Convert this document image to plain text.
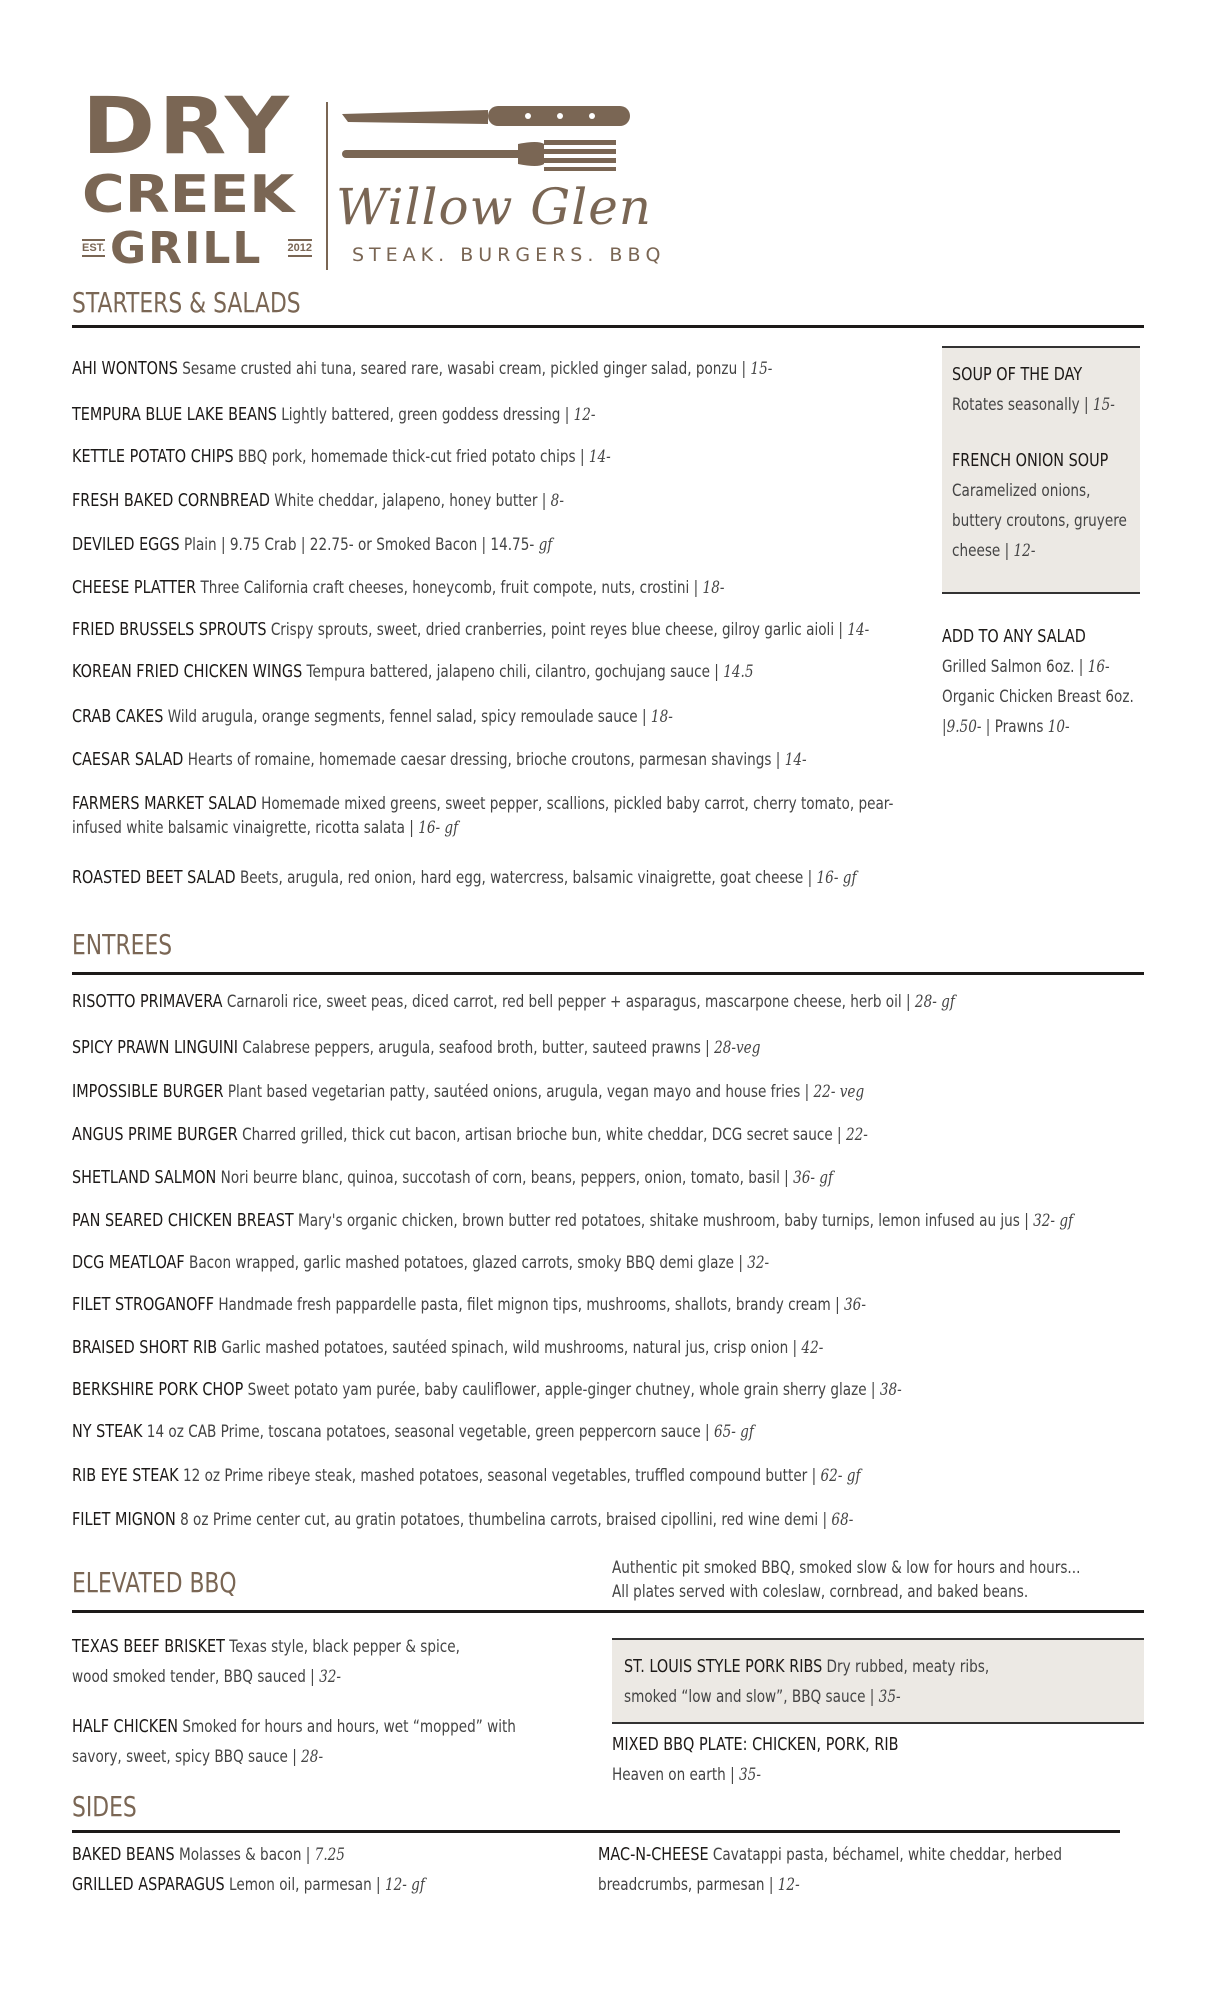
DRY
CREEK
EST. GRILL 2012
Willow Glen
STEAK. BURGERS. BBQ
STARTERS & SALADS
AHI WONTONS Sesame crusted ahi tuna, seared rare, wasabi cream, pickled ginger salad, ponzu | 15-
TEMPURA BLUE LAKE BEANS Lightly battered, green goddess dressing | 12-
KETTLE POTATO CHIPS BBQ pork, homemade thick-cut fried potato chips | 14-
FRESH BAKED CORNBREAD White cheddar, jalapeno, honey butter | 8-
DEVILED EGGS Plain | 9.75 Crab | 22.75- or Smoked Bacon | 14.75- gf
CHEESE PLATTER Three California craft cheeses, honeycomb, fruit compote, nuts, crostini | 18-
FRIED BRUSSELS SPROUTS Crispy sprouts, sweet, dried cranberries, point reyes blue cheese, gilroy garlic aioli | 14-
KOREAN FRIED CHICKEN WINGS Tempura battered, jalapeno chili, cilantro, gochujang sauce | 14.5
CRAB CAKES Wild arugula, orange segments, fennel salad, spicy remoulade sauce | 18-
CAESAR SALAD Hearts of romaine, homemade caesar dressing, brioche croutons, parmesan shavings | 14-
FARMERS MARKET SALAD Homemade mixed greens, sweet pepper, scallions, pickled baby carrot, cherry tomato, pear-
infused white balsamic vinaigrette, ricotta salata | 16- gf
ROASTED BEET SALAD Beets, arugula, red onion, hard egg, watercress, balsamic vinaigrette, goat cheese | 16- gf
SOUP OF THE DAY
Rotates seasonally | 15-
FRENCH ONION SOUP
Caramelized onions,
buttery croutons, gruyere
cheese | 12-
ADD TO ANY SALAD
Grilled Salmon 6oz. | 16-
Organic Chicken Breast 6oz.
|9.50- | Prawns 10-
ENTREES
RISOTTO PRIMAVERA Carnaroli rice, sweet peas, diced carrot, red bell pepper + asparagus, mascarpone cheese, herb oil | 28- gf
SPICY PRAWN LINGUINI Calabrese peppers, arugula, seafood broth, butter, sauteed prawns | 28-veg
IMPOSSIBLE BURGER Plant based vegetarian patty, sautéed onions, arugula, vegan mayo and house fries | 22- veg
ANGUS PRIME BURGER Charred grilled, thick cut bacon, artisan brioche bun, white cheddar, DCG secret sauce | 22-
SHETLAND SALMON Nori beurre blanc, quinoa, succotash of corn, beans, peppers, onion, tomato, basil | 36- gf
PAN SEARED CHICKEN BREAST Mary's organic chicken, brown butter red potatoes, shitake mushroom, baby turnips, lemon infused au jus | 32- gf
DCG MEATLOAF Bacon wrapped, garlic mashed potatoes, glazed carrots, smoky BBQ demi glaze | 32-
FILET STROGANOFF Handmade fresh pappardelle pasta, filet mignon tips, mushrooms, shallots, brandy cream | 36-
BRAISED SHORT RIB Garlic mashed potatoes, sautéed spinach, wild mushrooms, natural jus, crisp onion | 42-
BERKSHIRE PORK CHOP Sweet potato yam purée, baby cauliflower, apple-ginger chutney, whole grain sherry glaze | 38-
NY STEAK 14 oz CAB Prime, toscana potatoes, seasonal vegetable, green peppercorn sauce | 65- gf
RIB EYE STEAK 12 oz Prime ribeye steak, mashed potatoes, seasonal vegetables, truffled compound butter | 62- gf
FILET MIGNON 8 oz Prime center cut, au gratin potatoes, thumbelina carrots, braised cipollini, red wine demi | 68-
ELEVATED BBQ	Authentic pit smoked BBQ, smoked slow & low for hours and hours...
All plates served with coleslaw, cornbread, and baked beans.
TEXAS BEEF BRISKET Texas style, black pepper & spice,
wood smoked tender, BBQ sauced | 32-
HALF CHICKEN Smoked for hours and hours, wet “mopped” with
savory, sweet, spicy BBQ sauce | 28-
ST. LOUIS STYLE PORK RIBS Dry rubbed, meaty ribs,
smoked “low and slow”, BBQ sauce | 35-
MIXED BBQ PLATE: CHICKEN, PORK, RIB
Heaven on earth | 35-
SIDES
BAKED BEANS Molasses & bacon | 7.25
GRILLED ASPARAGUS Lemon oil, parmesan | 12- gf
MAC-N-CHEESE Cavatappi pasta, béchamel, white cheddar, herbed
breadcrumbs, parmesan | 12-
